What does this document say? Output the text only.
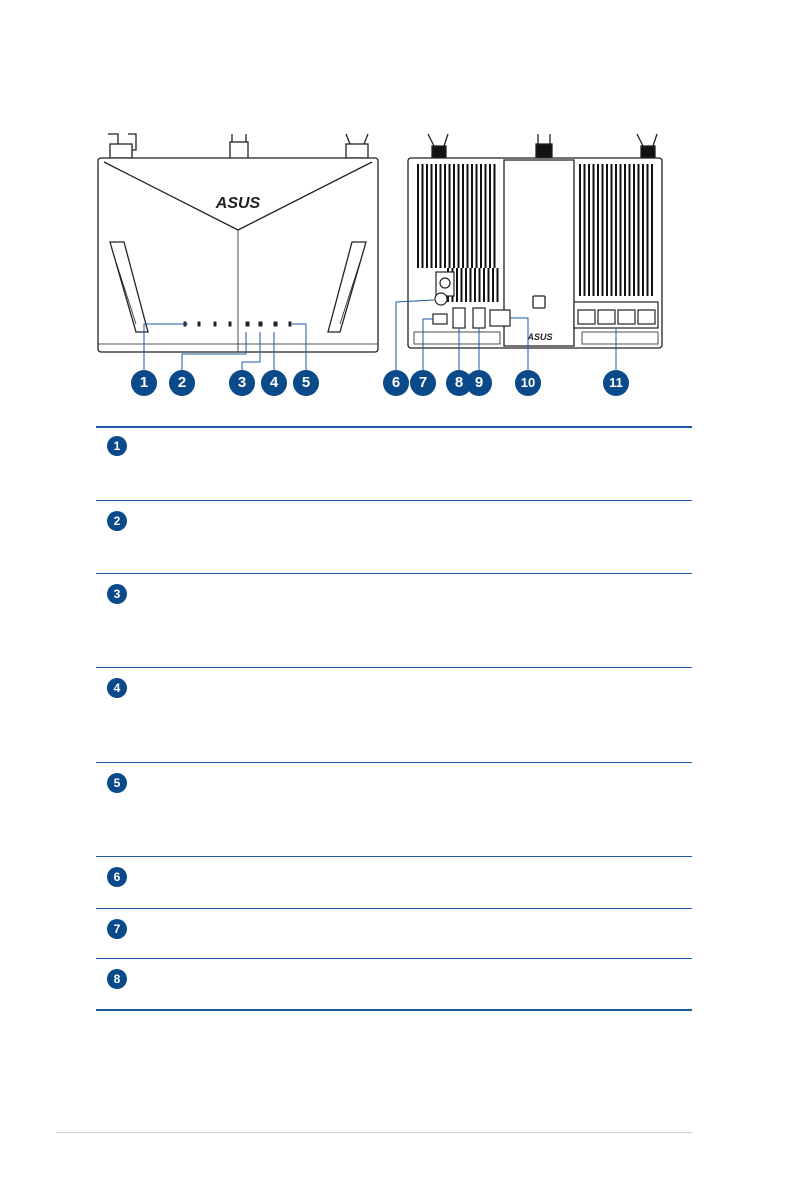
ASUS
ASUS
1	2	3	4	5	6	7	8 9	10	11
1	
2	
3	
4	
5	
6	
7	
8	
